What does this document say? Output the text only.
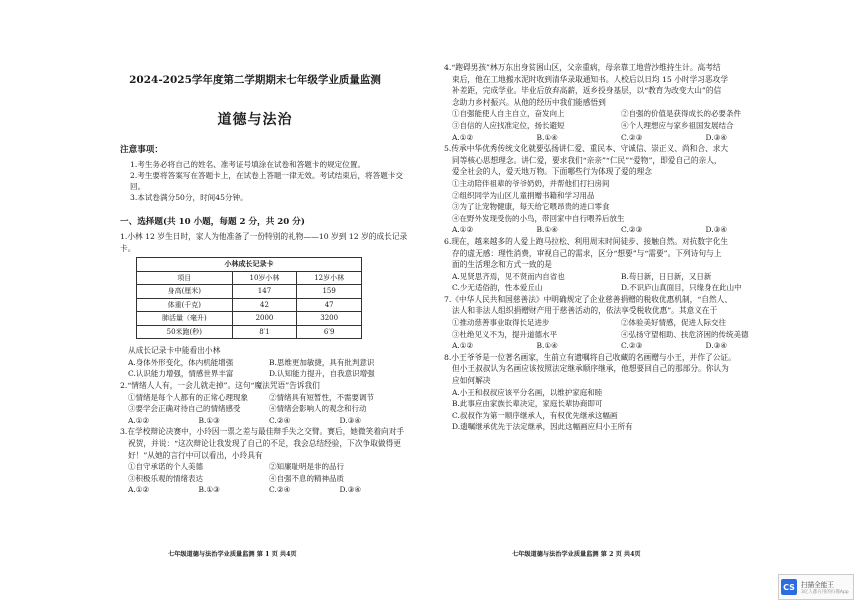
2024-2025学年度第二学期期末七年级学业质量监测
道德与法治
注意事项：
1.考生务必将自己的姓名、准考证号填涂在试卷和答题卡的规定位置。
2.考生要将答案写在答题卡上，在试卷上答题一律无效。考试结束后，将答题卡交回。
3.本试卷满分50分，时间45分钟。
一、选择题(共 10 小题，每题 2 分，共 20 分)
1.小林 12 岁生日时，家人为他准备了一份特别的礼物——10 岁到 12 岁的成长记录卡。
小林成长记录卡		
项目	10岁小林	12岁小林
身高(厘米)	147	159
体重(千克)	42	47
肺活量（毫升)	2000	3200
50米跑(秒)	8′1	6′9
从成长记录卡中能看出小林
A.身体外形变化，体内机能增强	B.思维更加敏捷，具有批判意识
C.认识能力增强，情感世界丰富	D.认知能力提升，自我意识增强
2.“情绪人人有，一会儿就走掉”。这句“魔法咒语”告诉我们
①情绪是每个人都有的正常心理现象	②情绪具有短暂性，不需要调节
③要学会正确对待自己的情绪感受	④情绪会影响人的观念和行动
A.①②	B.①③	C.②④	D.③④
3.在学校辩论决赛中，小玲因一票之差与最佳辩手失之交臂。赛后，她微笑着向对手
祝贺，并说：“这次辩论让我发现了自己的不足，我会总结经验，下次争取做得更
好！”从她的言行中可以看出，小玲具有
①自守承诺的个人美德	②知廉耻明是非的品行
③积极乐观的情绪表达	④自强不息的精神品质
A.①②	B.①③	C.②④	D.③④
七年级道德与法治学业质量监测 第 1 页 共4页
4.“跑碍男孩”林万东出身贫困山区，父亲重病，母亲靠工地营沙维持生计。高考结
束后，他在工地搬水泥时收到清华录取通知书。人校后以日均 15 小时学习恶攻学
补差距，完成学业。毕业后放弃高薪，返乡投身基层，以“教育为改变大山”的信
念助力乡村振兴。从他的经历中我们能感悟到
①自强能使人自主自立，奋发向上	②自强的价值是获得成长的必要条件
③自信的人应找准定位，扬长避短	④个人理想应与家乡祖国发展结合
A.①②	B.①④	C.②③	D.③④
5.传承中华优秀传统文化就要弘扬讲仁爱、重民本、守诚信、崇正义、尚和合、求大
同等核心思想理念。讲仁爱，要求我们“亲亲”“仁民”“爱物”，即爱自己的亲人，
爱全社会的人，爱天地万物。下面哪些行为体现了爱的理念
①主动陪伴祖辈的爷爷奶奶，并帮他们打扫房间
②组织同学为山区儿童捐赠书籍和学习用品
③为了让宠物健康，每天给它喂昂贵的进口零食
④在野外发现受伤的小鸟，带回家中自行喂养后放生
A.①②	B.①④	C.②③	D.③④
6.现在，越来越多的人爱上跑马拉松、利用周末时间徒步、接触自然。对抗数字化生
存的虚无感：理性消费，审视自己的需求，区分“想要”与“需要”。下列诗句与上
面的生活理念和方式一致的是
A.见贤思齐焉，见不贤而内自省也	B.苟日新，日日新，又日新
C.少无适俗韵，性本爱丘山	D.不识庐山真面目，只缘身在此山中
7.《中华人民共和国慈善法》中明确规定了企业慈善捐赠的税收优惠机制，“自然人、
法人和非法人组织捐赠财产用于慈善活动的，依法享受税收优惠”。其意义在于
①推动慈善事业取得长足进步	②体验美好情感，促进人际交往
③杜绝见义不为，提升道德水平	④弘扬守望相助、扶危济困的传统美德
A.①②	B.①④	C.②③	D.③④
8.小王爷爷是一位著名画家，生前立有遗嘱将自己收藏的名画赠与小王，并作了公证。
但小王叔叔认为名画应该按照法定继承顺序继承，他想要回自己的那部分。你认为
应如何解决
A.小王和叔叔应该平分名画，以维护家庭和睦
B.此事应由家族长辈决定，家庭长辈协商即可
C.叔叔作为第一顺序继承人，有权优先继承这幅画
D.遗嘱继承优先于法定继承，因此这幅画应归小王所有
七年级道德与法治学业质量监测 第 2 页 共4页
CS 扫描全能王
3亿人都在用的扫描App
